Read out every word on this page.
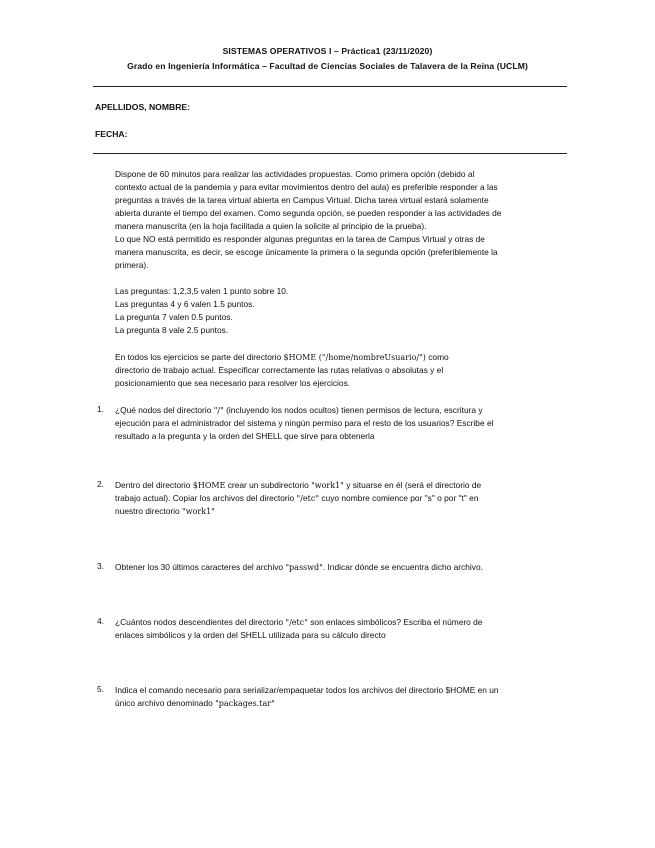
SISTEMAS OPERATIVOS I – Práctica1 (23/11/2020)
Grado en Ingeniería Informática – Facultad de Ciencias Sociales de Talavera de la Reina (UCLM)
APELLIDOS, NOMBRE:
FECHA:
Dispone de 60 minutos para realizar las actividades propuestas. Como primera opción (debido al
contexto actual de la pandemia y para evitar movimientos dentro del aula) es preferible responder a las
preguntas a través de la tarea virtual abierta en Campus Virtual. Dicha tarea virtual estará solamente
abierta durante el tiempo del examen. Como segunda opción, se pueden responder a las actividades de
manera manuscrita (en la hoja facilitada a quien la solicite al principio de la prueba).
Lo que NO está permitido es responder algunas preguntas en la tarea de Campus Virtual y otras de
manera manuscrita, es decir, se escoge únicamente la primera o la segunda opción (preferiblemente la
primera).
Las preguntas: 1,2,3,5 valen 1 punto sobre 10.
Las preguntas 4 y 6 valen 1.5 puntos.
La pregunta 7 valen 0.5 puntos.
La pregunta 8 vale 2.5 puntos.
En todos los ejercicios se parte del directorio $HOME ("/home/nombreUsuario/") como
directorio de trabajo actual. Especificar correctamente las rutas relativas o absolutas y el
posicionamiento que sea necesario para resolver los ejercicios.
1.	¿Qué nodos del directorio "/" (incluyendo los nodos ocultos) tienen permisos de lectura, escritura y
ejecución para el administrador del sistema y ningún permiso para el resto de los usuarios? Escribe el
resultado a la pregunta y la orden del SHELL que sirve para obtenerla
2.	Dentro del directorio $HOME crear un subdirectorio "work1" y situarse en él (será el directorio de
trabajo actual). Copiar los archivos del directorio "/etc" cuyo nombre comience por "s" o por "t" en
nuestro directorio "work1"
3.	Obtener los 30 últimos caracteres del archivo "passwd". Indicar dónde se encuentra dicho archivo.
4.	¿Cuántos nodos descendientes del directorio "/etc" son enlaces simbólicos? Escriba el número de
enlaces simbólicos y la orden del SHELL utilizada para su cálculo directo
5.	Indica el comando necesario para serializar/empaquetar todos los archivos del directorio $HOME en un
único archivo denominado "packages.tar"
